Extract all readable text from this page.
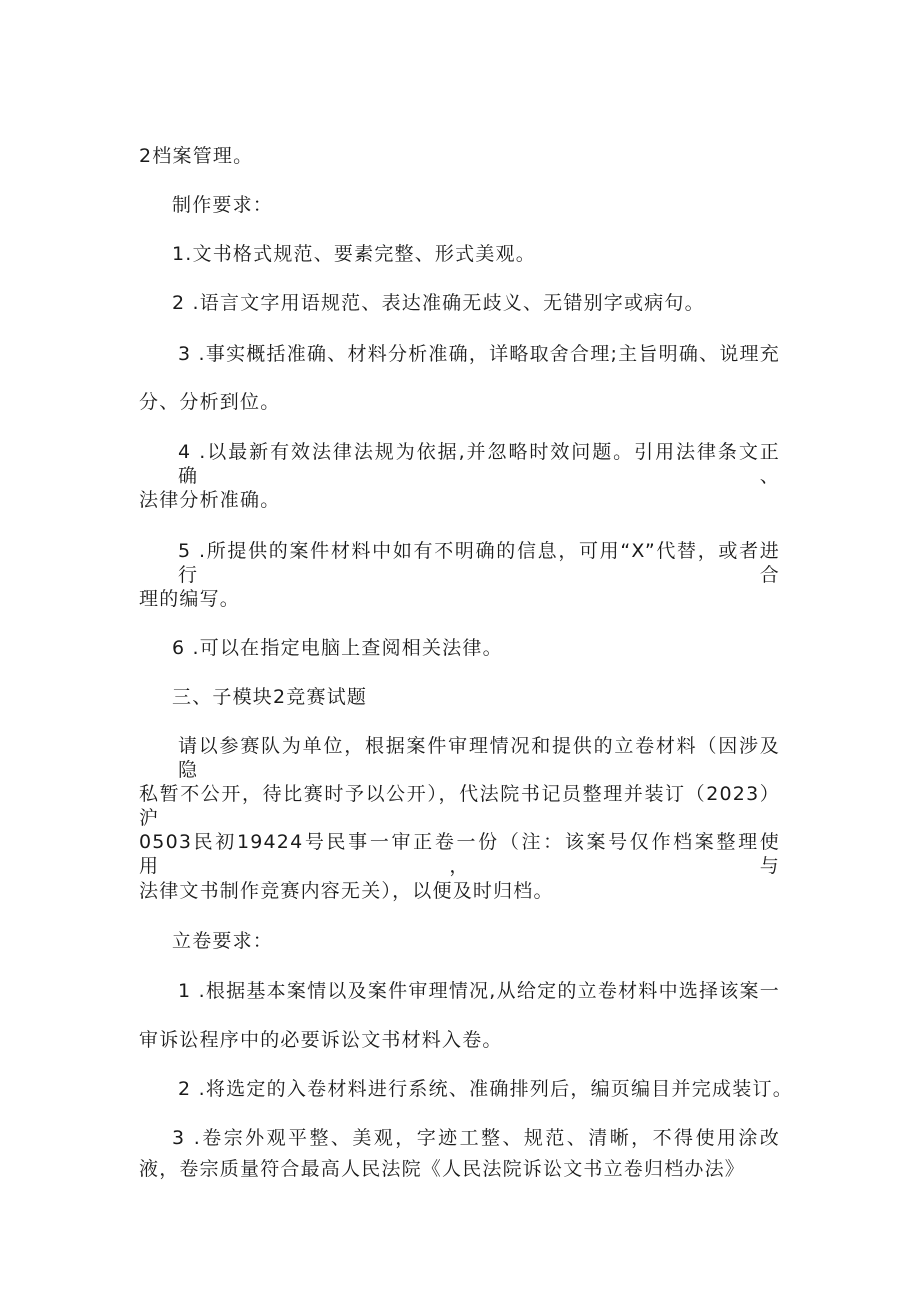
2档案管理。
制作要求：
1.文书格式规范、要素完整、形式美观。
2 .语言文字用语规范、表达准确无歧义、无错别字或病句。
3 .事实概括准确、材料分析准确，详略取舍合理;主旨明确、说理充
分、分析到位。
4 .以最新有效法律法规为依据,并忽略时效问题。引用法律条文正确、
法律分析准确。
5 .所提供的案件材料中如有不明确的信息，可用“X”代替，或者进行合
理的编写。
6 .可以在指定电脑上查阅相关法律。
三、子模块2竞赛试题
请以参赛队为单位，根据案件审理情况和提供的立卷材料（因涉及隐
私暂不公开，待比赛时予以公开），代法院书记员整理并装订（2023）沪
0503民初19424号民事一审正卷一份（注：该案号仅作档案整理使用，与
法律文书制作竞赛内容无关），以便及时归档。
立卷要求：
1 .根据基本案情以及案件审理情况,从给定的立卷材料中选择该案一
审诉讼程序中的必要诉讼文书材料入卷。
2 .将选定的入卷材料进行系统、准确排列后，编页编目并完成装订。
3 .卷宗外观平整、美观，字迹工整、规范、清晰，不得使用涂改
液，卷宗质量符合最高人民法院《人民法院诉讼文书立卷归档办法》
